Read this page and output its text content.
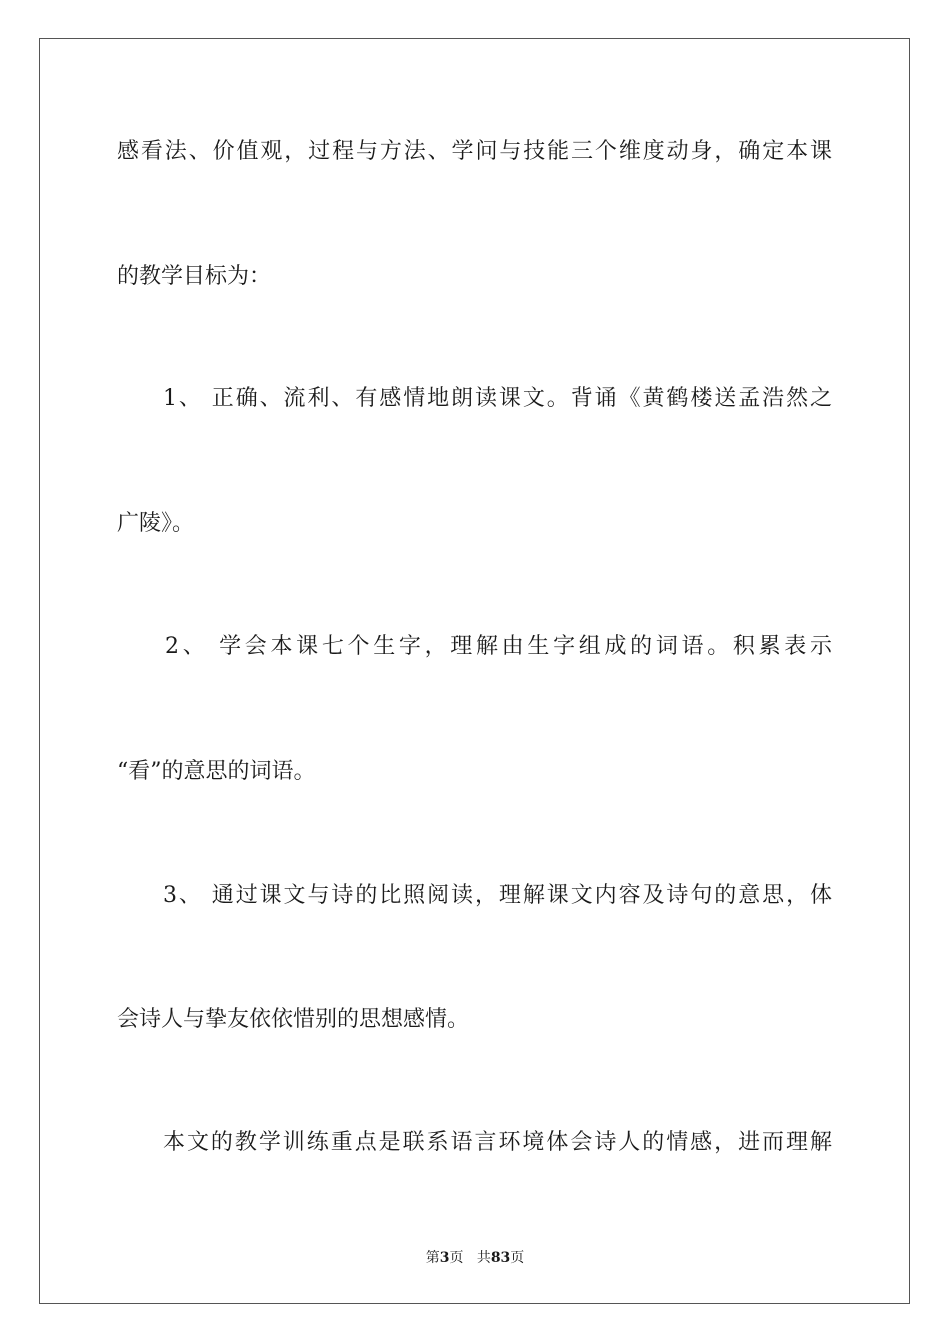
感看法、价值观，过程与方法、学问与技能三个维度动身，确定本课
的教学目标为：
1、 正确、流利、有感情地朗读课文。背诵《黄鹤楼送孟浩然之
广陵》。
2、 学会本课七个生字，理解由生字组成的词语。积累表示
“看”的意思的词语。
3、 通过课文与诗的比照阅读，理解课文内容及诗句的意思，体
会诗人与挚友依依惜别的思想感情。
本文的教学训练重点是联系语言环境体会诗人的情感，进而理解
第3页 共83页
